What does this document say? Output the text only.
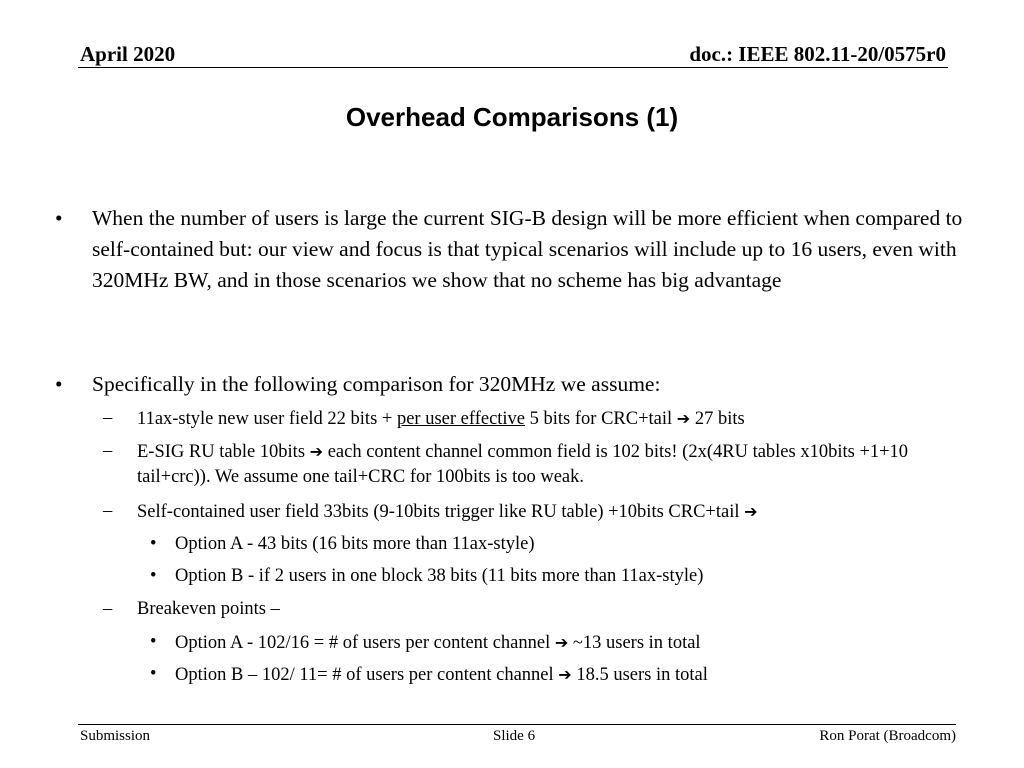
April 2020	doc.: IEEE 802.11-20/0575r0
Overhead Comparisons (1)
• When the number of users is large the current SIG-B design will be more efficient when compared to self-contained but: our view and focus is that typical scenarios will include up to 16 users, even with 320MHz BW, and in those scenarios we show that no scheme has big advantage
• Specifically in the following comparison for 320MHz we assume:
– 11ax-style new user field 22 bits + per user effective 5 bits for CRC+tail ➔ 27 bits
– E-SIG RU table 10bits ➔ each content channel common field is 102 bits! (2x(4RU tables x10bits +1+10 tail+crc)). We assume one tail+CRC for 100bits is too weak.
– Self-contained user field 33bits (9-10bits trigger like RU table) +10bits CRC+tail ➔
• Option A - 43 bits (16 bits more than 11ax-style)
• Option B - if 2 users in one block 38 bits (11 bits more than 11ax-style)
– Breakeven points –
• Option A - 102/16 = # of users per content channel ➔ ~13 users in total
• Option B – 102/ 11= # of users per content channel ➔ 18.5 users in total
Submission	Slide 6	Ron Porat (Broadcom)
